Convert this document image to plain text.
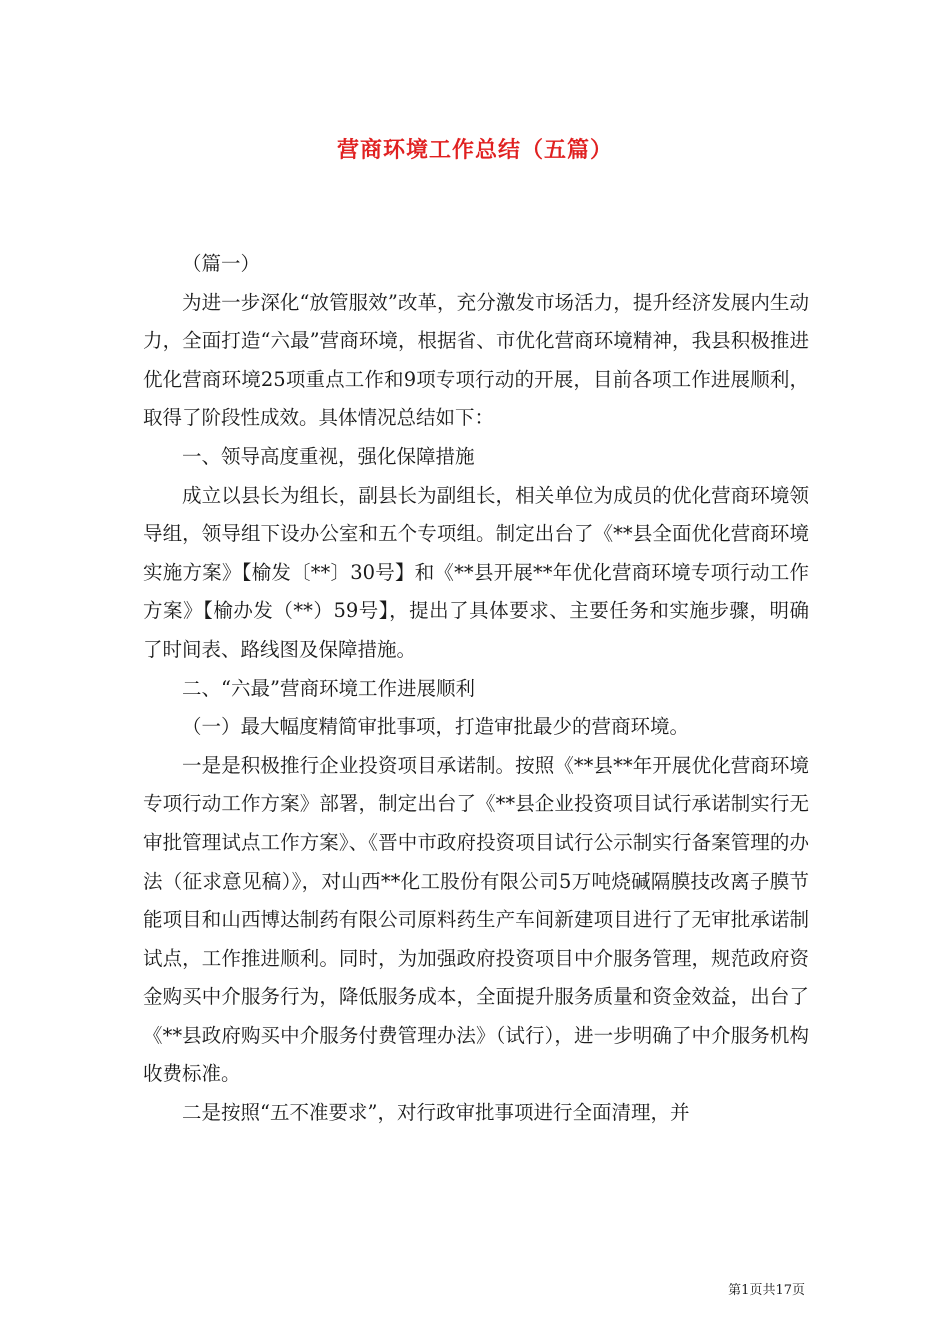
营商环境工作总结（五篇）

（篇一）

为进一步深化“放管服效”改革，充分激发市场活力，提升经济发展内生动力，全面打造“六最”营商环境，根据省、市优化营商环境精神，我县积极推进优化营商环境25项重点工作和9项专项行动的开展，目前各项工作进展顺利，取得了阶段性成效。具体情况总结如下：

一、领导高度重视，强化保障措施

成立以县长为组长，副县长为副组长，相关单位为成员的优化营商环境领导组，领导组下设办公室和五个专项组。制定出台了《**县全面优化营商环境实施方案》【榆发〔**〕30号】和《**县开展**年优化营商环境专项行动工作方案》【榆办发（**）59号】，提出了具体要求、主要任务和实施步骤，明确了时间表、路线图及保障措施。

二、“六最”营商环境工作进展顺利

（一）最大幅度精简审批事项，打造审批最少的营商环境。

一是是积极推行企业投资项目承诺制。按照《**县**年开展优化营商环境专项行动工作方案》部署，制定出台了《**县企业投资项目试行承诺制实行无审批管理试点工作方案》、《晋中市政府投资项目试行公示制实行备案管理的办法（征求意见稿）》，对山西**化工股份有限公司5万吨烧碱隔膜技改离子膜节能项目和山西博达制药有限公司原料药生产车间新建项目进行了无审批承诺制试点，工作推进顺利。同时，为加强政府投资项目中介服务管理，规范政府资金购买中介服务行为，降低服务成本，全面提升服务质量和资金效益，出台了《**县政府购买中介服务付费管理办法》（试行），进一步明确了中介服务机构收费标准。

二是按照“五不准要求”，对行政审批事项进行全面清理，并

第1页共17页
